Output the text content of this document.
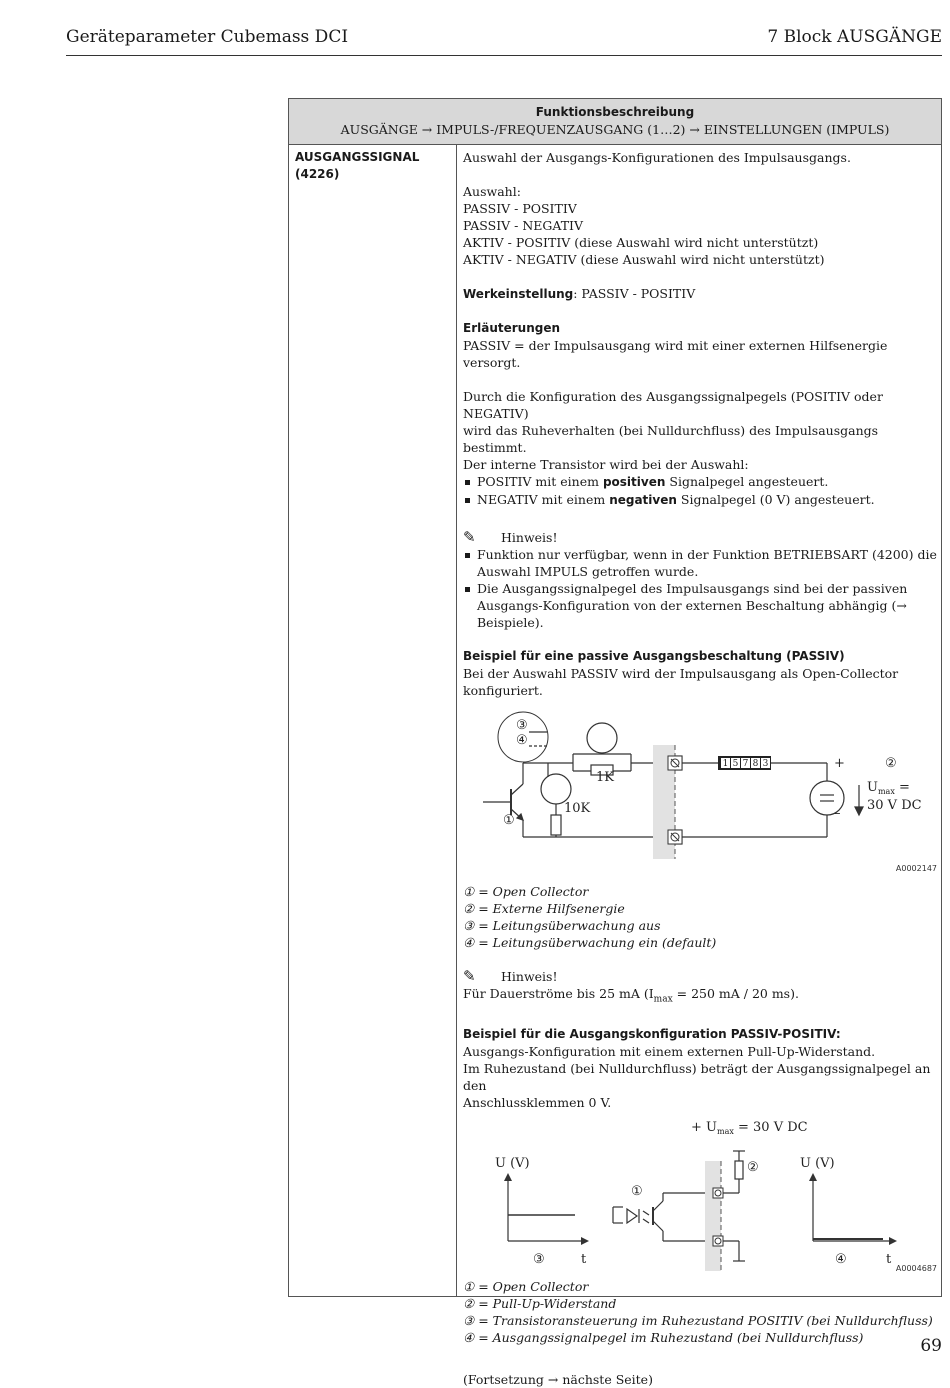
Geräteparameter Cubemass DCI	7 Block AUSGÄNGE
Funktionsbeschreibung
AUSGÄNGE → IMPULS-/FREQUENZAUSGANG (1…2) → EINSTELLUNGEN (IMPULS)
AUSGANGSSIGNAL
(4226)

Auswahl der Ausgangs-Konfigurationen des Impulsausgangs.

Auswahl:

PASSIV - POSITIV

PASSIV - NEGATIV

AKTIV - POSITIV (diese Auswahl wird nicht unterstützt)

AKTIV - NEGATIV (diese Auswahl wird nicht unterstützt)

Werkeinstellung: PASSIV - POSITIV

Erläuterungen

PASSIV = der Impulsausgang wird mit einer externen Hilfsenergie versorgt.

Durch die Konfiguration des Ausgangssignalpegels (POSITIV oder NEGATIV)

wird das Ruheverhalten (bei Nulldurchfluss) des Impulsausgangs bestimmt.

Der interne Transistor wird bei der Auswahl:

POSITIV mit einem positiven Signalpegel angesteuert.

NEGATIV mit einem negativen Signalpegel (0 V) angesteuert.

✎	Hinweis!

Funktion nur verfügbar, wenn in der Funktion BETRIEBSART (4200) die Auswahl IMPULS getroffen wurde.

Die Ausgangssignalpegel des Impulsausgangs sind bei der passiven Ausgangs-Konfiguration von der externen Beschaltung abhängig (→ Beispiele).

Beispiel für eine passive Ausgangsbeschaltung (PASSIV)

Bei der Auswahl PASSIV wird der Impulsausgang als Open-Collector konfiguriert.

1 5 7 8 3
③
④
①
②
1K
10K
+
–
$U_{max}$ =
30 V DC
A0002147

① = Open Collector

② = Externe Hilfsenergie

③ = Leitungsüberwachung aus

④ = Leitungsüberwachung ein (default)

✎	Hinweis!

Für Dauerströme bis 25 mA ($I_{max} = 250$ mA / 20 ms).

Beispiel für die Ausgangskonfiguration PASSIV-POSITIV:

Ausgangs-Konfiguration mit einem externen Pull-Up-Widerstand.

Im Ruhezustand (bei Nulldurchfluss) beträgt der Ausgangssignalpegel an den

Anschlussklemmen 0 V.

+ $U_{max} = 30$ V DC
U (V)	U (V)
t	t
③	④
①
②
A0004687

① = Open Collector

② = Pull-Up-Widerstand

③ = Transistoransteuerung im Ruhezustand POSITIV (bei Nulldurchfluss)

④ = Ausgangssignalpegel im Ruhezustand (bei Nulldurchfluss)

(Fortsetzung → nächste Seite)

69
